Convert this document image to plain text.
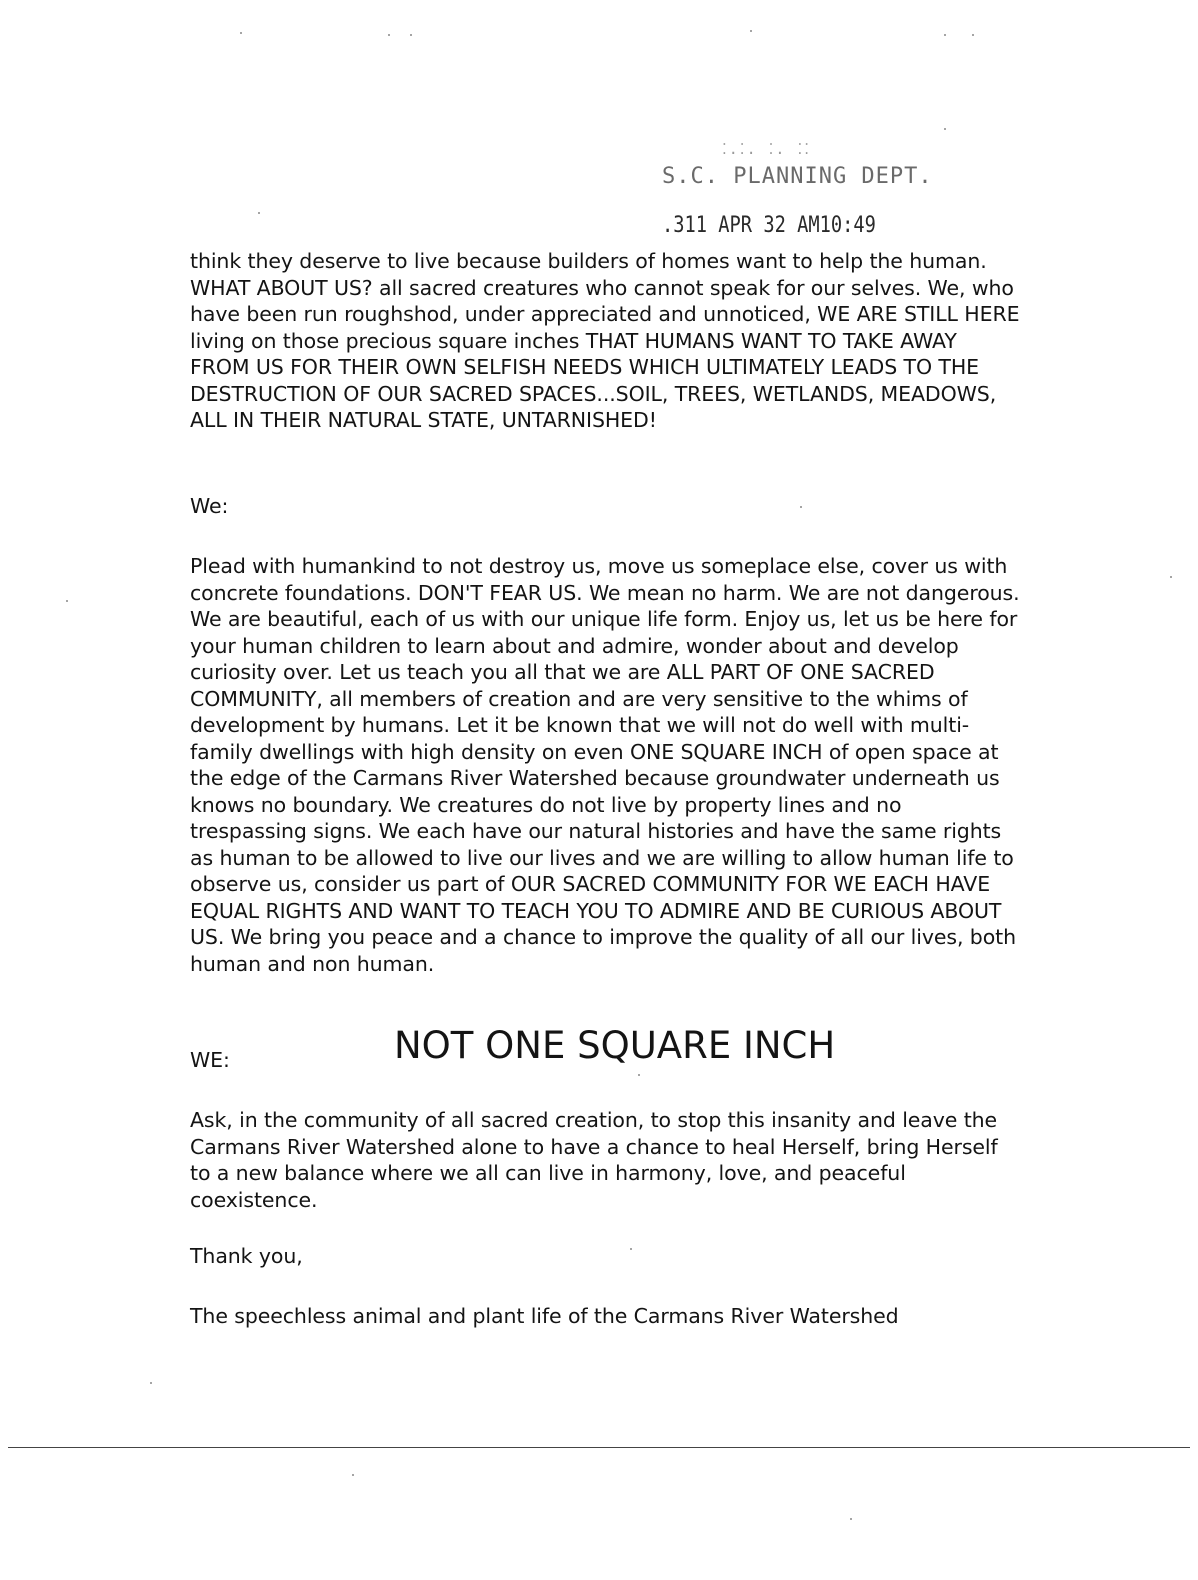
⁚.⁚. ⁚. ⁚⁚
S.C. PLANNING DEPT.
.311 APR 32 AM10:49

think they deserve to live because builders of homes want to help the human. WHAT ABOUT US? all sacred creatures who cannot speak for our selves. We, who have been run roughshod, under appreciated and unnoticed, WE ARE STILL HERE living on those precious square inches THAT HUMANS WANT TO TAKE AWAY FROM US FOR THEIR OWN SELFISH NEEDS WHICH ULTIMATELY LEADS TO THE DESTRUCTION OF OUR SACRED SPACES...SOIL, TREES, WETLANDS, MEADOWS, ALL IN THEIR NATURAL STATE, UNTARNISHED!

We:

Plead with humankind to not destroy us, move us someplace else, cover us with concrete foundations. DON'T FEAR US. We mean no harm. We are not dangerous. We are beautiful, each of us with our unique life form. Enjoy us, let us be here for your human children to learn about and admire, wonder about and develop curiosity over. Let us teach you all that we are ALL PART OF ONE SACRED COMMUNITY, all members of creation and are very sensitive to the whims of development by humans. Let it be known that we will not do well with multi-family dwellings with high density on even ONE SQUARE INCH of open space at the edge of the Carmans River Watershed because groundwater underneath us knows no boundary. We creatures do not live by property lines and no trespassing signs. We each have our natural histories and have the same rights as human to be allowed to live our lives and we are willing to allow human life to observe us, consider us part of OUR SACRED COMMUNITY FOR WE EACH HAVE EQUAL RIGHTS AND WANT TO TEACH YOU TO ADMIRE AND BE CURIOUS ABOUT US. We bring you peace and a chance to improve the quality of all our lives, both human and non human.

WE:

Ask, in the community of all sacred creation, to stop this insanity and leave the Carmans River Watershed alone to have a chance to heal Herself, bring Herself to a new balance where we all can live in harmony, love, and peaceful coexistence.

Thank you,

The speechless animal and plant life of the Carmans River Watershed

NOT ONE SQUARE INCH
